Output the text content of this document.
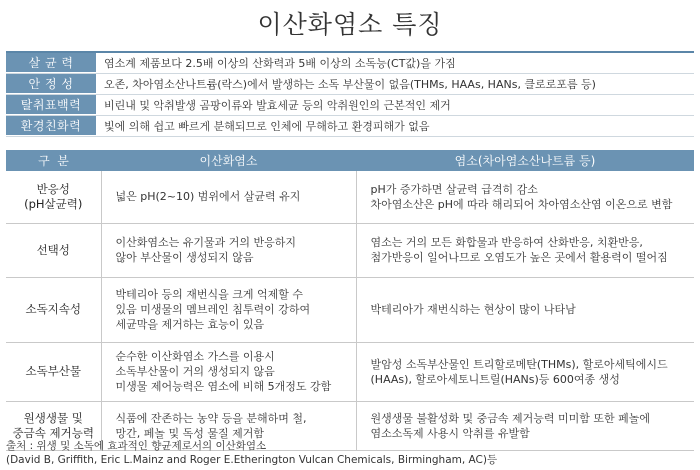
이산화염소 특징
살 균 력	염소계 제품보다 2.5배 이상의 산화력과 5배 이상의 소독능(CT값)을 가짐
안 정 성	오존, 차아염소산나트륨(락스)에서 발생하는 소독 부산물이 없음(THMs, HAAs, HANs, 클로로포름 등)
탈취표백력	비린내 및 악취발생 곰팡이류와 발효세균 등의 악취원인의 근본적인 제거
환경친화력	빛에 의해 쉽고 빠르게 분해되므로 인체에 무해하고 환경피해가 없음
구  분	이산화염소	염소(차아염소산나트륨 등)

반응성
(pH살균력)	넓은 pH(2~10) 범위에서 살균력 유지	pH가 증가하면 살균력 급격히 감소
차아염소산은 pH에 따라 해리되어 차아염소산염 이온으로 변함

선택성	이산화염소는 유기물과 거의 반응하지
않아 부산물이 생성되지 않음	염소는 거의 모든 화합물과 반응하여 산화반응, 치환반응,
첨가반응이 일어나므로 오염도가 높은 곳에서 활용력이 떨어짐

소독지속성	박테리아 등의 재번식을 크게 억제할 수
있음 미생물의 멤브레인 침투력이 강하여
세균막을 제거하는 효능이 있음	박테리아가 재번식하는 현상이 많이 나타남

소독부산물	순수한 이산화염소 가스를 이용시
소독부산물이 거의 생성되지 않음
미생물 제어능력은 염소에 비해 5개정도 강함	발암성 소독부산물인 트리할로메탄(THMs), 할로아세틱에시드
(HAAs), 할로아세토니트릴(HANs)등 600여종 생성

원생생물 및
중금속 제거능력	식품에 잔존하는 농약 등을 분해하며 철,
망간, 페놀 및 독성 물질 제거함	원생생물 불활성화 및 중금속 제거능력 미미함 또한 페놀에
염소소독제 사용시 악취를 유발함
출처 : 위생 및 소독에 효과적인 향균제로서의 이산화염소
(David B, Griffith, Eric L.Mainz and Roger E.Etherington Vulcan Chemicals, Birmingham, AC)등
